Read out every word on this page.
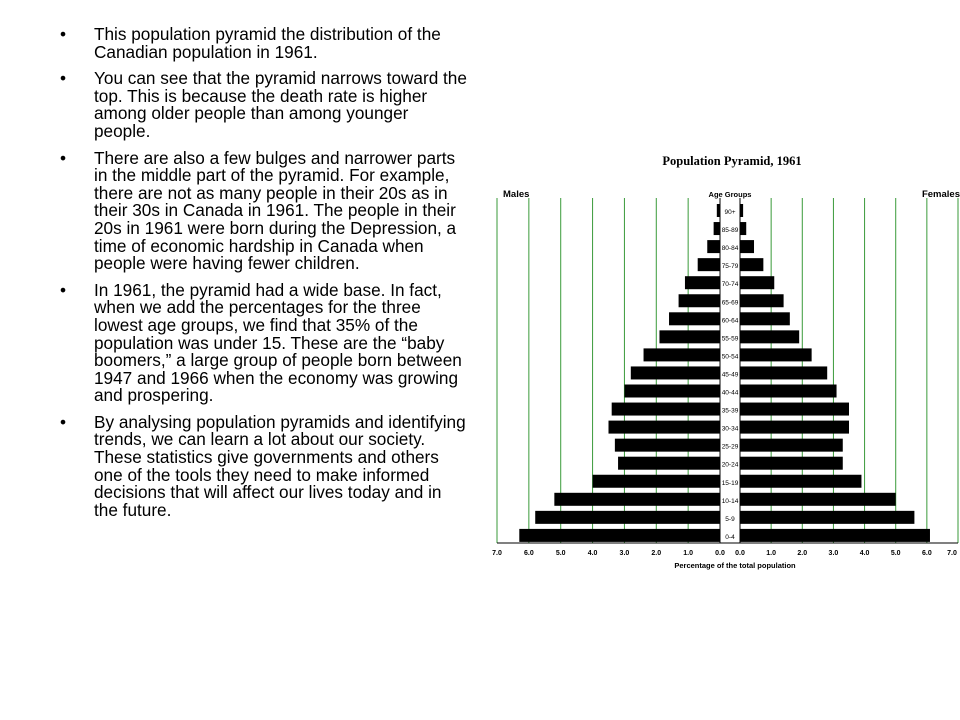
•	This population pyramid the distribution of the Canadian population in 1961.
•	You can see that the pyramid narrows toward the top. This is because the death rate is higher among older people than among younger people.
•	There are also a few bulges and narrower parts in the middle part of the pyramid. For example, there are not as many people in their 20s as in their 30s in Canada in 1961. The people in their 20s in 1961 were born during the Depression, a time of economic hardship in Canada when people were having fewer children.
•	In 1961, the pyramid had a wide base. In fact, when we add the percentages for the three lowest age groups, we find that 35% of the population was under 15. These are the “baby boomers,” a large group of people born between 1947 and 1966 when the economy was growing and prospering.
•	By analysing population pyramids and identifying trends, we can learn a lot about our society. These statistics give governments and others one of the tools they need to make informed decisions that will affect our lives today and in the future.
Population Pyramid, 1961
Males	Females
Age Groups
90+
85-89
80-84
75-79
70-74
65-69
60-64
55-59
50-54
45-49
40-44
35-39
30-34
25-29
20-24
15-19
10-14
5-9
0-4
7.0	6.0	5.0	4.0	3.0	2.0	1.0	0.0 0.0	1.0	2.0	3.0	4.0	5.0	6.0 7.0
Percentage of the total population
